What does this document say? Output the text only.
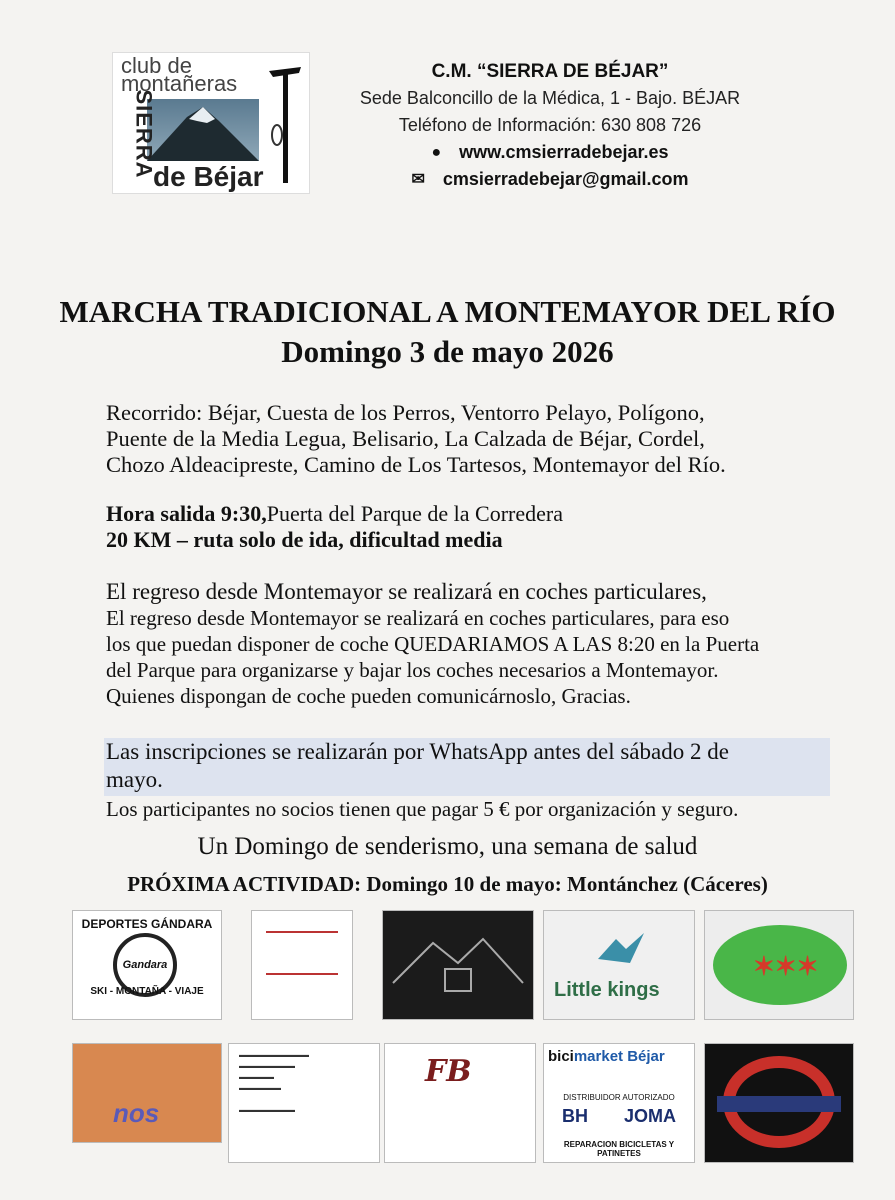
club de
montañeras
SIERRA
de Béjar
C.M. “SIERRA DE BÉJAR”
Sede Balconcillo de la Médica, 1 - Bajo. BÉJAR
Teléfono de Información: 630 808 726
● www.cmsierradebejar.es
✉ cmsierradebejar@gmail.com
MARCHA TRADICIONAL A MONTEMAYOR DEL RÍO
Domingo 3 de mayo 2026
Recorrido: Béjar, Cuesta de los Perros, Ventorro Pelayo, Polígono,
Puente de la Media Legua, Belisario, La Calzada de Béjar, Cordel,
Chozo Aldeacipreste, Camino de Los Tartesos, Montemayor del Río.
Hora salida 9:30,Puerta del Parque de la Corredera
20 KM – ruta solo de ida, dificultad media
El regreso desde Montemayor se realizará en coches particulares,
El regreso desde Montemayor se realizará en coches particulares, para eso
los que puedan disponer de coche QUEDARIAMOS A LAS 8:20 en la Puerta
del Parque para organizarse y bajar los coches necesarios a Montemayor.
Quienes dispongan de coche pueden comunicárnoslo, Gracias.
Las inscripciones se realizarán por WhatsApp antes del sábado 2 de
mayo.
Los participantes no socios tienen que pagar 5 € por organización y seguro.
Un Domingo de senderismo, una semana de salud
PRÓXIMA ACTIVIDAD: Domingo 10 de mayo: Montánchez (Cáceres)
DEPORTES GÁNDARA
Gandara
SKI - MONTAÑA - VIAJE	Little kings
✶✶✶
nos
▬▬▬▬▬▬▬▬▬▬
▬▬▬▬▬▬▬▬
▬▬▬▬▬
▬▬▬▬▬▬

▬▬▬▬▬▬▬▬
FB	bicimarket Béjar
DISTRIBUIDOR AUTORIZADO
BH JOMA
REPARACION BICICLETAS Y PATINETES
